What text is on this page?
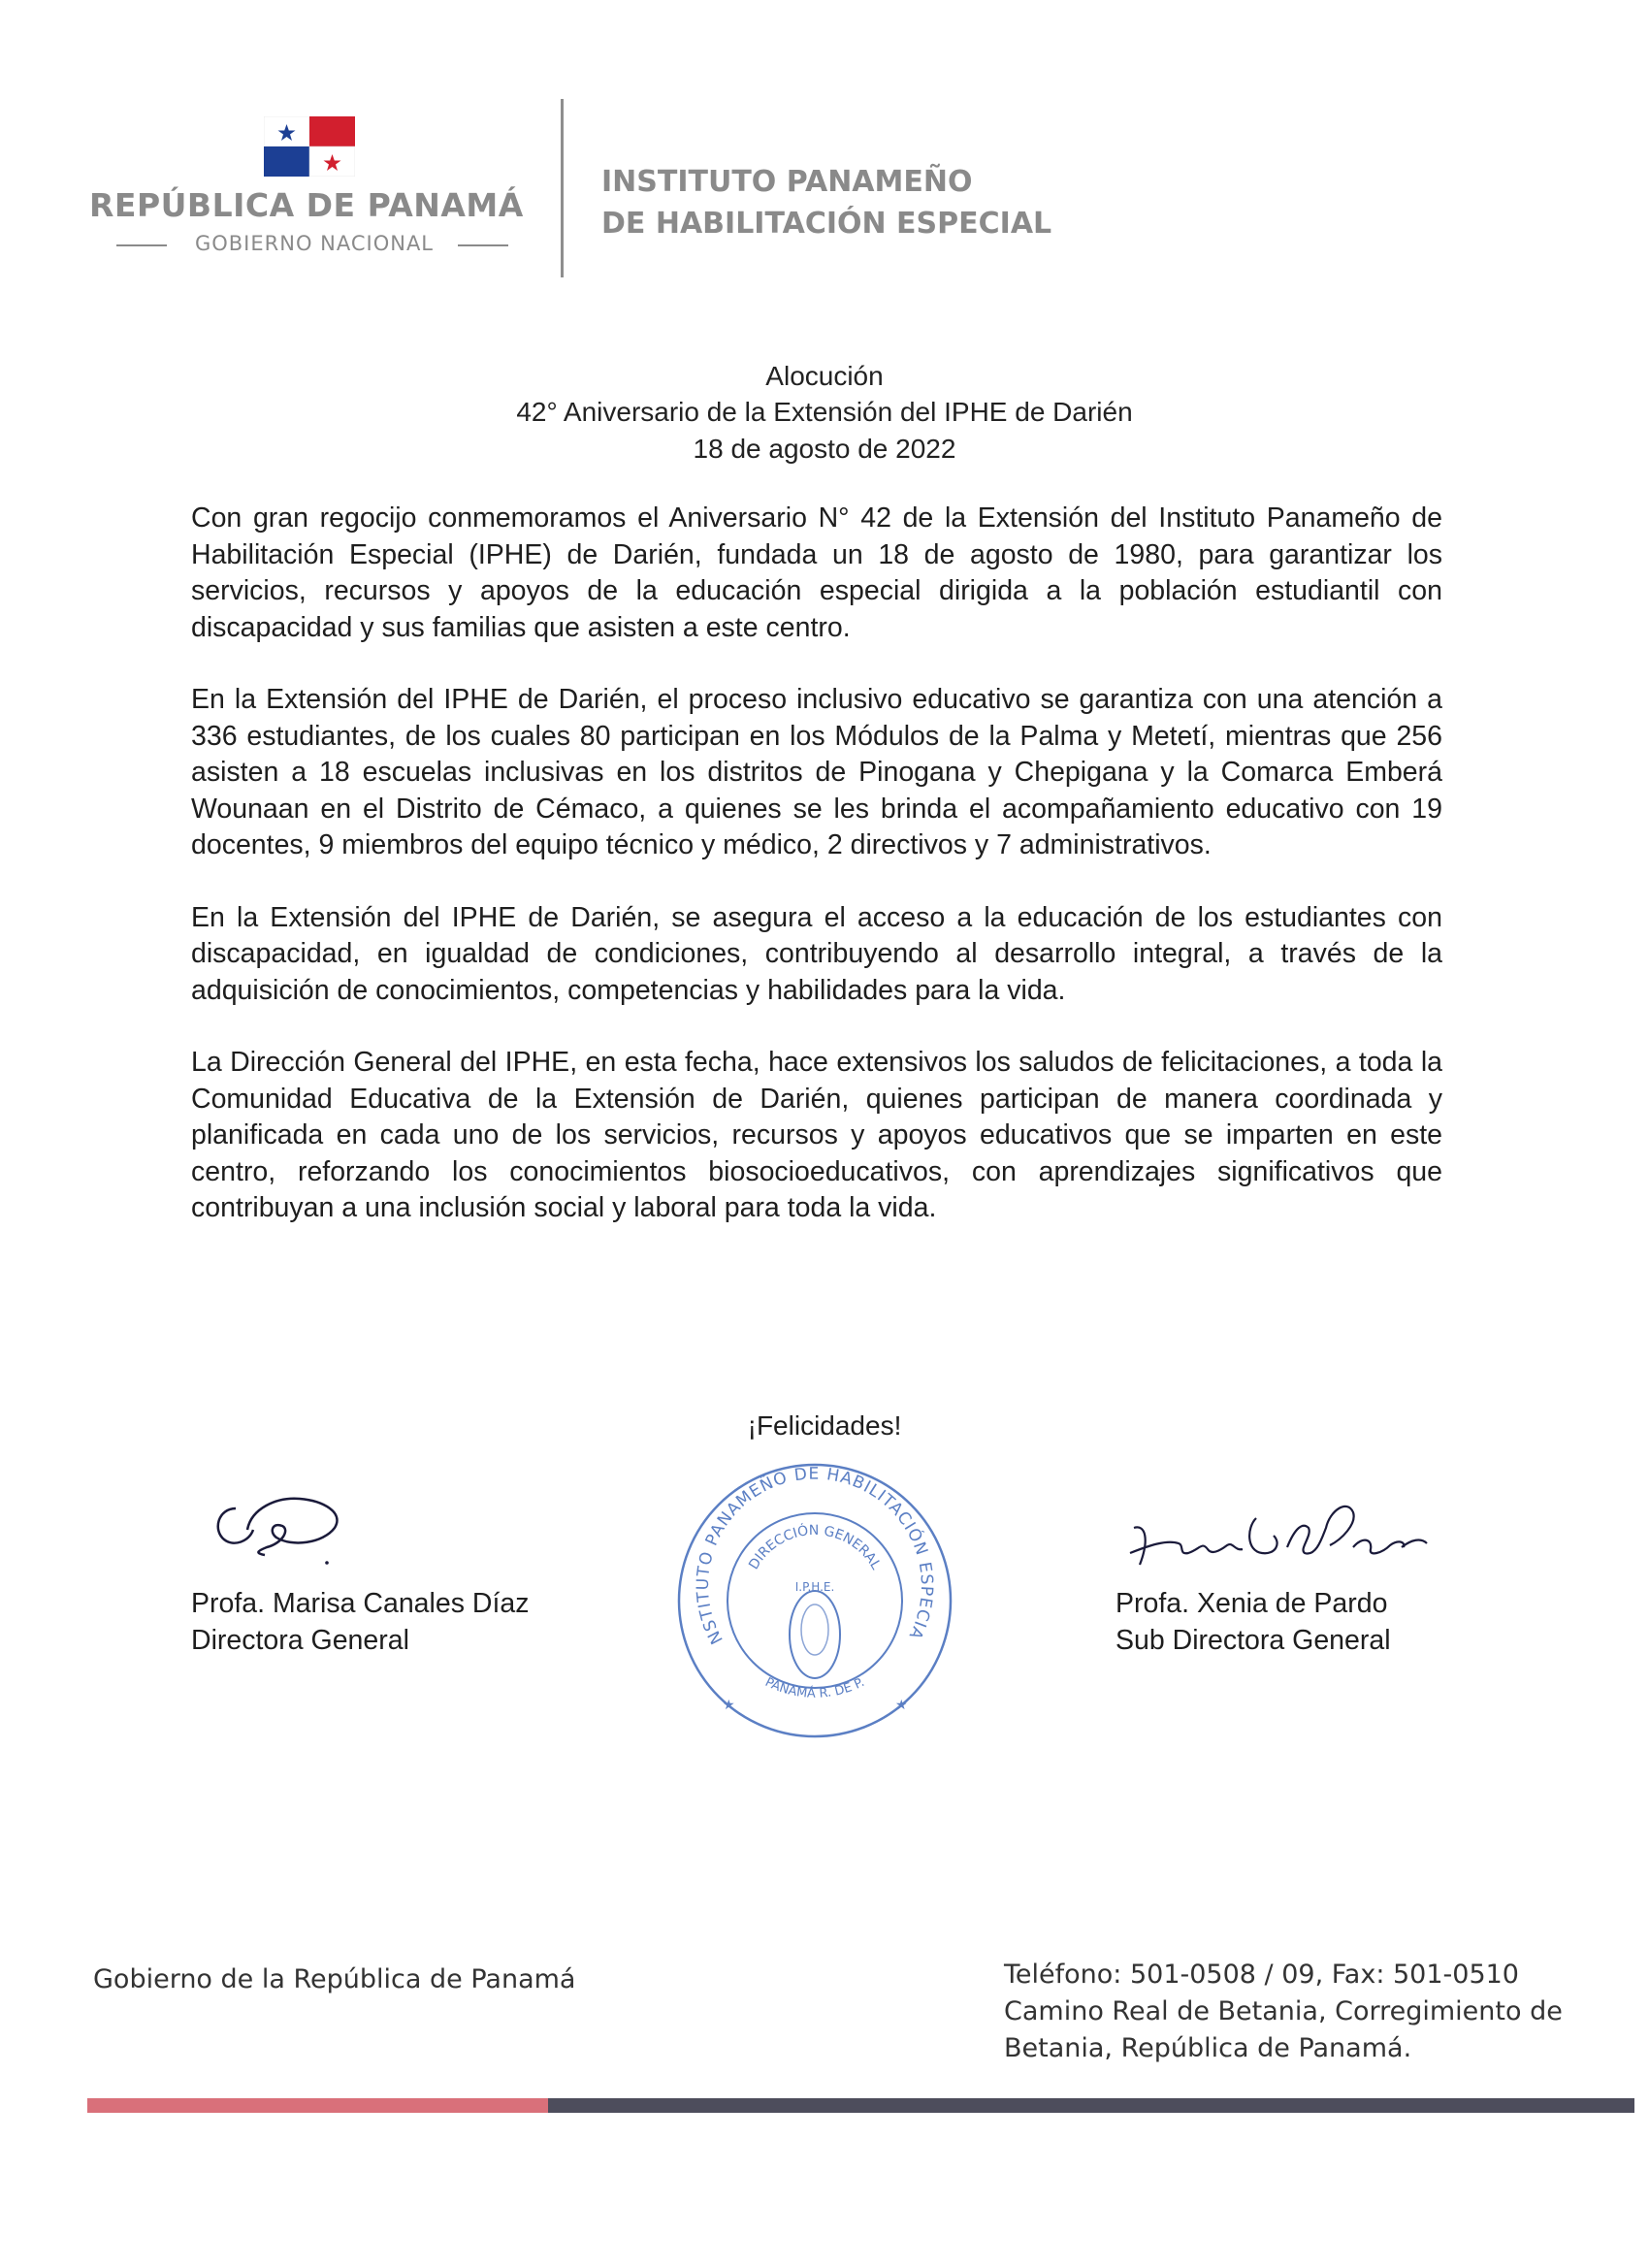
REPÚBLICA DE PANAMÁ
GOBIERNO NACIONAL
INSTITUTO PANAMEÑO
DE HABILITACIÓN ESPECIAL
Alocución
42° Aniversario de la Extensión del IPHE de Darién
18 de agosto de 2022

Con gran regocijo conmemoramos el Aniversario N° 42 de la Extensión del Instituto Panameño de Habilitación Especial (IPHE) de Darién, fundada un 18 de agosto de 1980, para garantizar los servicios, recursos y apoyos de la educación especial dirigida a la población estudiantil con discapacidad y sus familias que asisten a este centro.

En la Extensión del IPHE de Darién, el proceso inclusivo educativo se garantiza con una atención a 336 estudiantes, de los cuales 80 participan en los Módulos de la Palma y Metetí, mientras que 256 asisten a 18 escuelas inclusivas en los distritos de Pinogana y Chepigana y la Comarca Emberá Wounaan en el Distrito de Cémaco, a quienes se les brinda el acompañamiento educativo con 19 docentes, 9 miembros del equipo técnico y médico, 2 directivos y 7 administrativos.

En la Extensión del IPHE de Darién, se asegura el acceso a la educación de los estudiantes con discapacidad, en igualdad de condiciones, contribuyendo al desarrollo integral, a través de la adquisición de conocimientos, competencias y habilidades para la vida.

La Dirección General del IPHE, en esta fecha, hace extensivos los saludos de felicitaciones, a toda la Comunidad Educativa de la Extensión de Darién, quienes participan de manera coordinada y planificada en cada uno de los servicios, recursos y apoyos educativos que se imparten en este centro, reforzando los conocimientos biosocioeducativos, con aprendizajes significativos que contribuyan a una inclusión social y laboral para toda la vida.

¡Felicidades!
Profa. Marisa Canales Díaz
Directora General	NSTITUTO PANAMEÑO DE HABILITACIÓN ESPECIA
DIRECCIÓN GENERAL
I.P.H.E.
PANAMÁ R. DE P.
★	★
Profa. Xenia de Pardo
Sub Directora General
Gobierno de la República de Panamá	Teléfono: 501-0508 / 09, Fax: 501-0510
Camino Real de Betania, Corregimiento de
Betania, República de Panamá.
